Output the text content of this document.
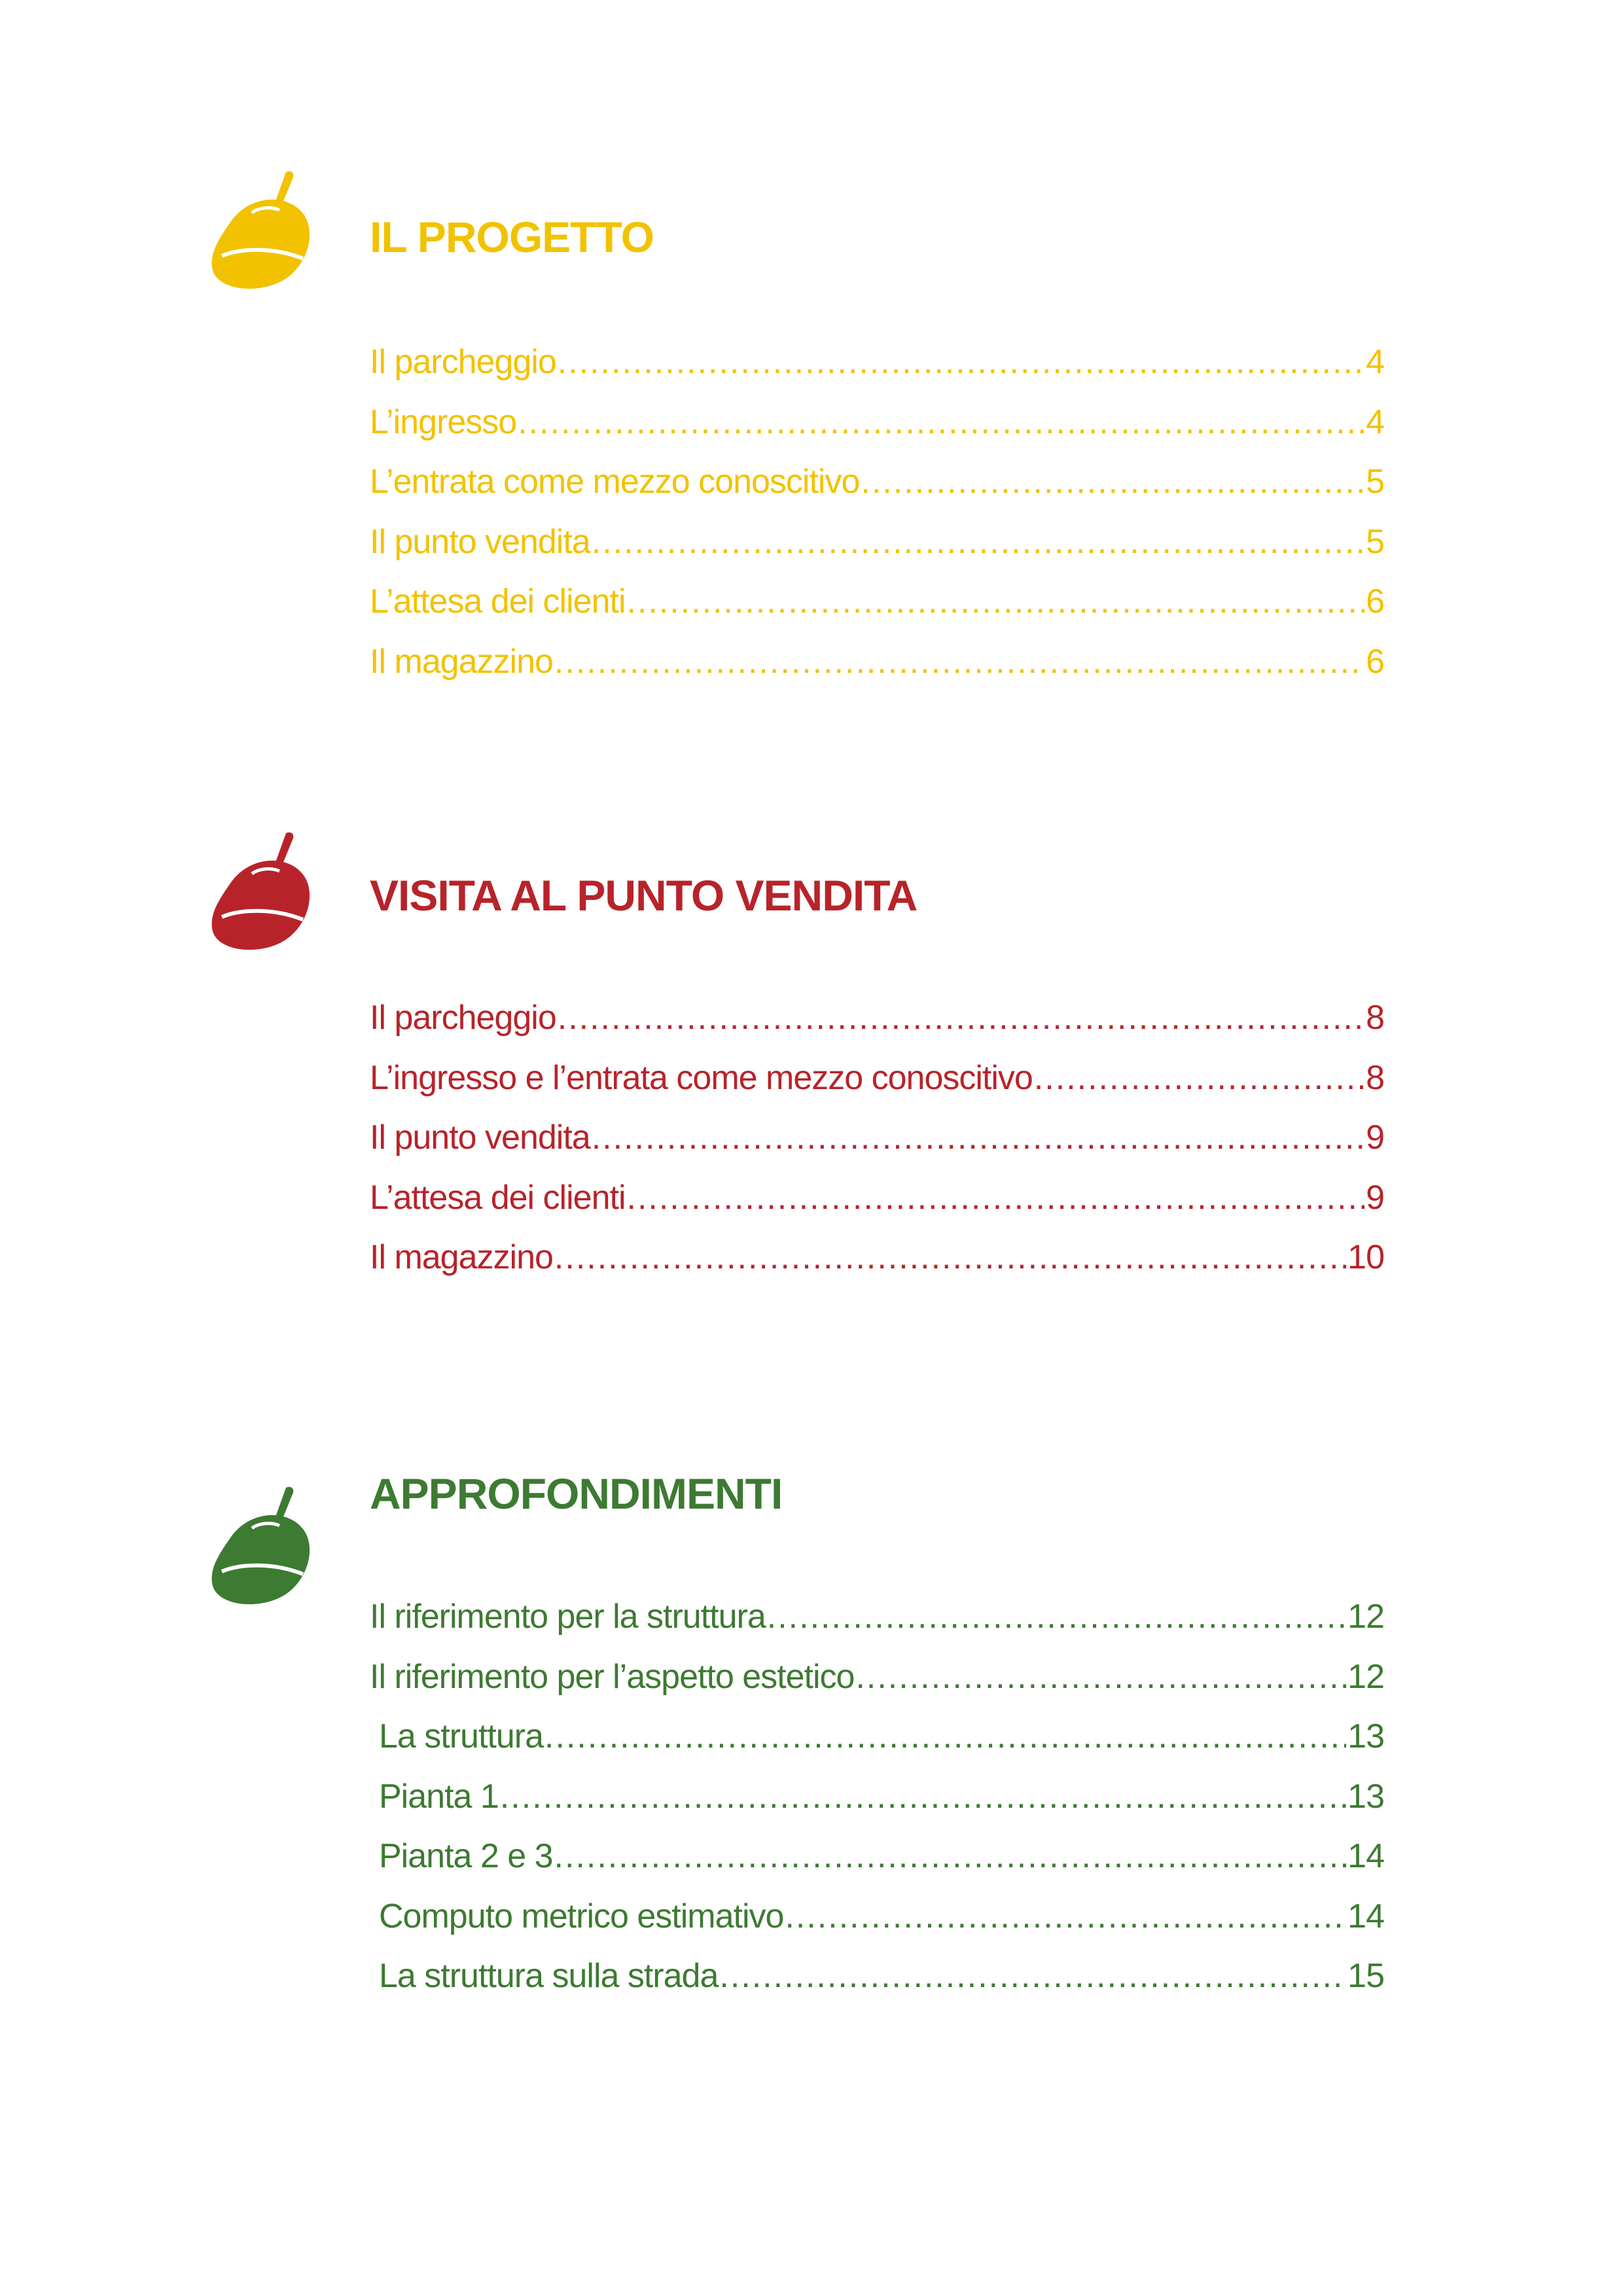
IL PROGETTO
Il parcheggio .....	4
L’ingresso .....	4
L’entrata come mezzo conoscitivo .....	5
Il punto vendita .....	5
L’attesa dei clienti .....	6
Il magazzino .....	6
VISITA AL PUNTO VENDITA
Il parcheggio .....	8
L’ingresso e l’entrata come mezzo conoscitivo .....	8
Il punto vendita .....	9
L’attesa dei clienti .....	9
Il magazzino .....	10
APPROFONDIMENTI
Il riferimento per la struttura .....	12
Il riferimento per l’aspetto estetico .....	12
La struttura .....	13
Pianta 1 .....	13
Pianta 2 e 3 .....	14
Computo metrico estimativo .....	14
La struttura sulla strada .....	15
